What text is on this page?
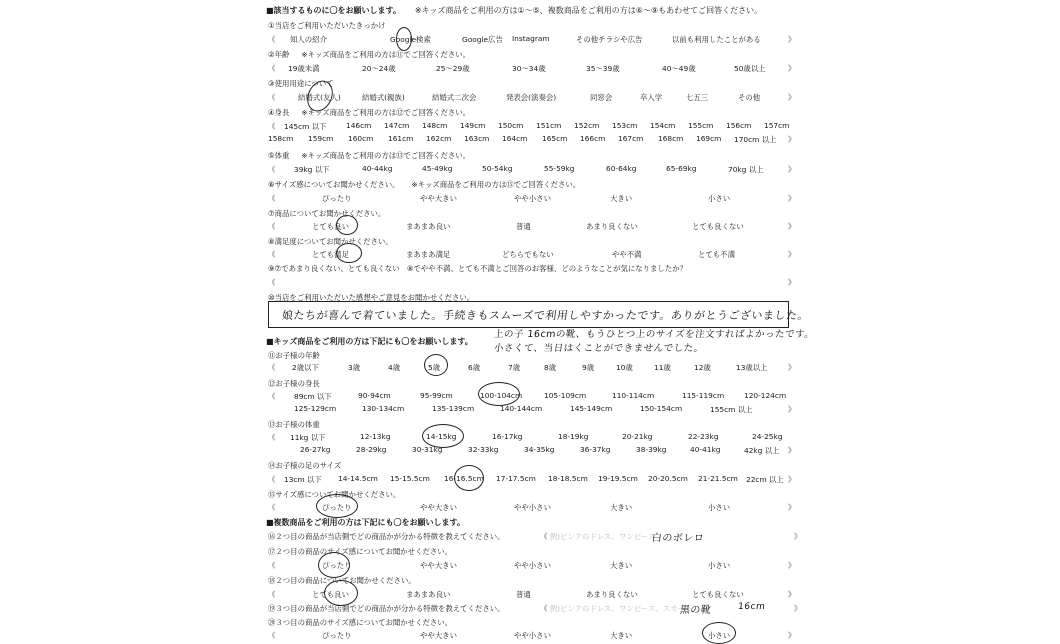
■該当するものに〇をお願いします。 ※キッズ商品をご利用の方は①～⑤、複数商品をご利用の方は⑥～⑨もあわせてご回答ください。
①当店をご利用いただいたきっかけ
《 知人の紹介	Google検索	Google広告 Instagram	その他チラシや広告	以前も利用したことがある	》
②年齢 ※キッズ商品をご利用の方は⑪でご回答ください。
《 19歳未満	20～24歳	25～29歳	30～34歳	35～39歳	40～49歳	50歳以上	》
③使用用途について
《	結婚式(友人)	結婚式(親族)	結婚式二次会	発表会(演奏会)	同窓会	卒入学	七五三	その他	》
④身長 ※キッズ商品をご利用の方は⑫でご回答ください。
《 145cm 以下	146cm 147cm 148cm 149cm 150cm 151cm 152cm 153cm 154cm 155cm 156cm 157cm
158cm 159cm 160cm 161cm 162cm 163cm 164cm 165cm 166cm 167cm 168cm 169cm 170cm 以上 》
⑤体重 ※キッズ商品をご利用の方は⑬でご回答ください。
《	39kg 以下	40-44kg	45-49kg	50-54kg	55-59kg	60-64kg	65-69kg	70kg 以上	》
⑥サイズ感についてお聞かせください。 ※キッズ商品をご利用の方は⑮でご回答ください。
《	ぴったり	やや大きい	やや小さい	大きい	小さい	》
⑦商品についてお聞かせください。
《	とても良い	まあまあ良い	普通	あまり良くない	とても良くない	》
⑧満足度についてお聞かせください。
《	とても満足	まあまあ満足	どちらでもない	やや不満	とても不満	》
⑨⑦であまり良くない、とても良くない　⑧でやや不満、とても不満とご回答のお客様、どのようなことが気になりましたか？
《	》
⑩当店をご利用いただいた感想やご意見をお聞かせください。
娘たちが喜んで着ていました。手続きもスムーズで利用しやすかったです。ありがとうございました。
上の子 16cmの靴、もうひとつ上のサイズを注文すればよかったです。
小さくて、当日はくことができませんでした。
■キッズ商品をご利用の方は下記にも〇をお願いします。
⑪お子様の年齢
《 2歳以下	3歳	4歳	5歳	6歳	7歳	8歳	9歳	10歳	11歳	12歳	13歳以上	》
⑫お子様の身長
《	89cm 以下	90-94cm	95-99cm	100-104cm	105-109cm	110-114cm	115-119cm	120-124cm
125-129cm	130-134cm	135-139cm	140-144cm	145-149cm	150-154cm	155cm 以上	》
⑬お子様の体重
《 11kg 以下	12-13kg	14-15kg	16-17kg	18-19kg	20-21kg	22-23kg	24-25kg
26-27kg	28-29kg	30-31kg	32-33kg	34-35kg	36-37kg	38-39kg	40-41kg	42kg 以上 》
⑭お子様の足のサイズ
《 13cm 以下 14-14.5cm 15-15.5cm 16-16.5cm 17-17.5cm 18-18.5cm 19-19.5cm 20-20.5cm 21-21.5cm 22cm 以上 》
⑮サイズ感についてお聞かせください。
《	ぴったり	やや大きい	やや小さい	大きい	小さい	》
■複数商品をご利用の方は下記にも〇をお願いします。
⑯２つ目の商品が当店側でどの商品かが分かる特徴を教えてください。	《 例)ピンクのドレス、ワンピース	》
白のボレロ
⑰２つ目の商品のサイズ感についてお聞かせください。
《	ぴったり	やや大きい	やや小さい	大きい	小さい	》
⑱２つ目の商品についてお聞かせください。
《	とても良い	まあまあ良い	普通	あまり良くない	とても良くない	》
⑲３つ目の商品が当店側でどの商品かが分かる特徴を教えてください。	《 例)ピンクのドレス、ワンピース、スカート	》
黒の靴	16cm
⑳３つ目の商品のサイズ感についてお聞かせください。
《	ぴったり	やや大きい	やや小さい	大きい	小さい	》
